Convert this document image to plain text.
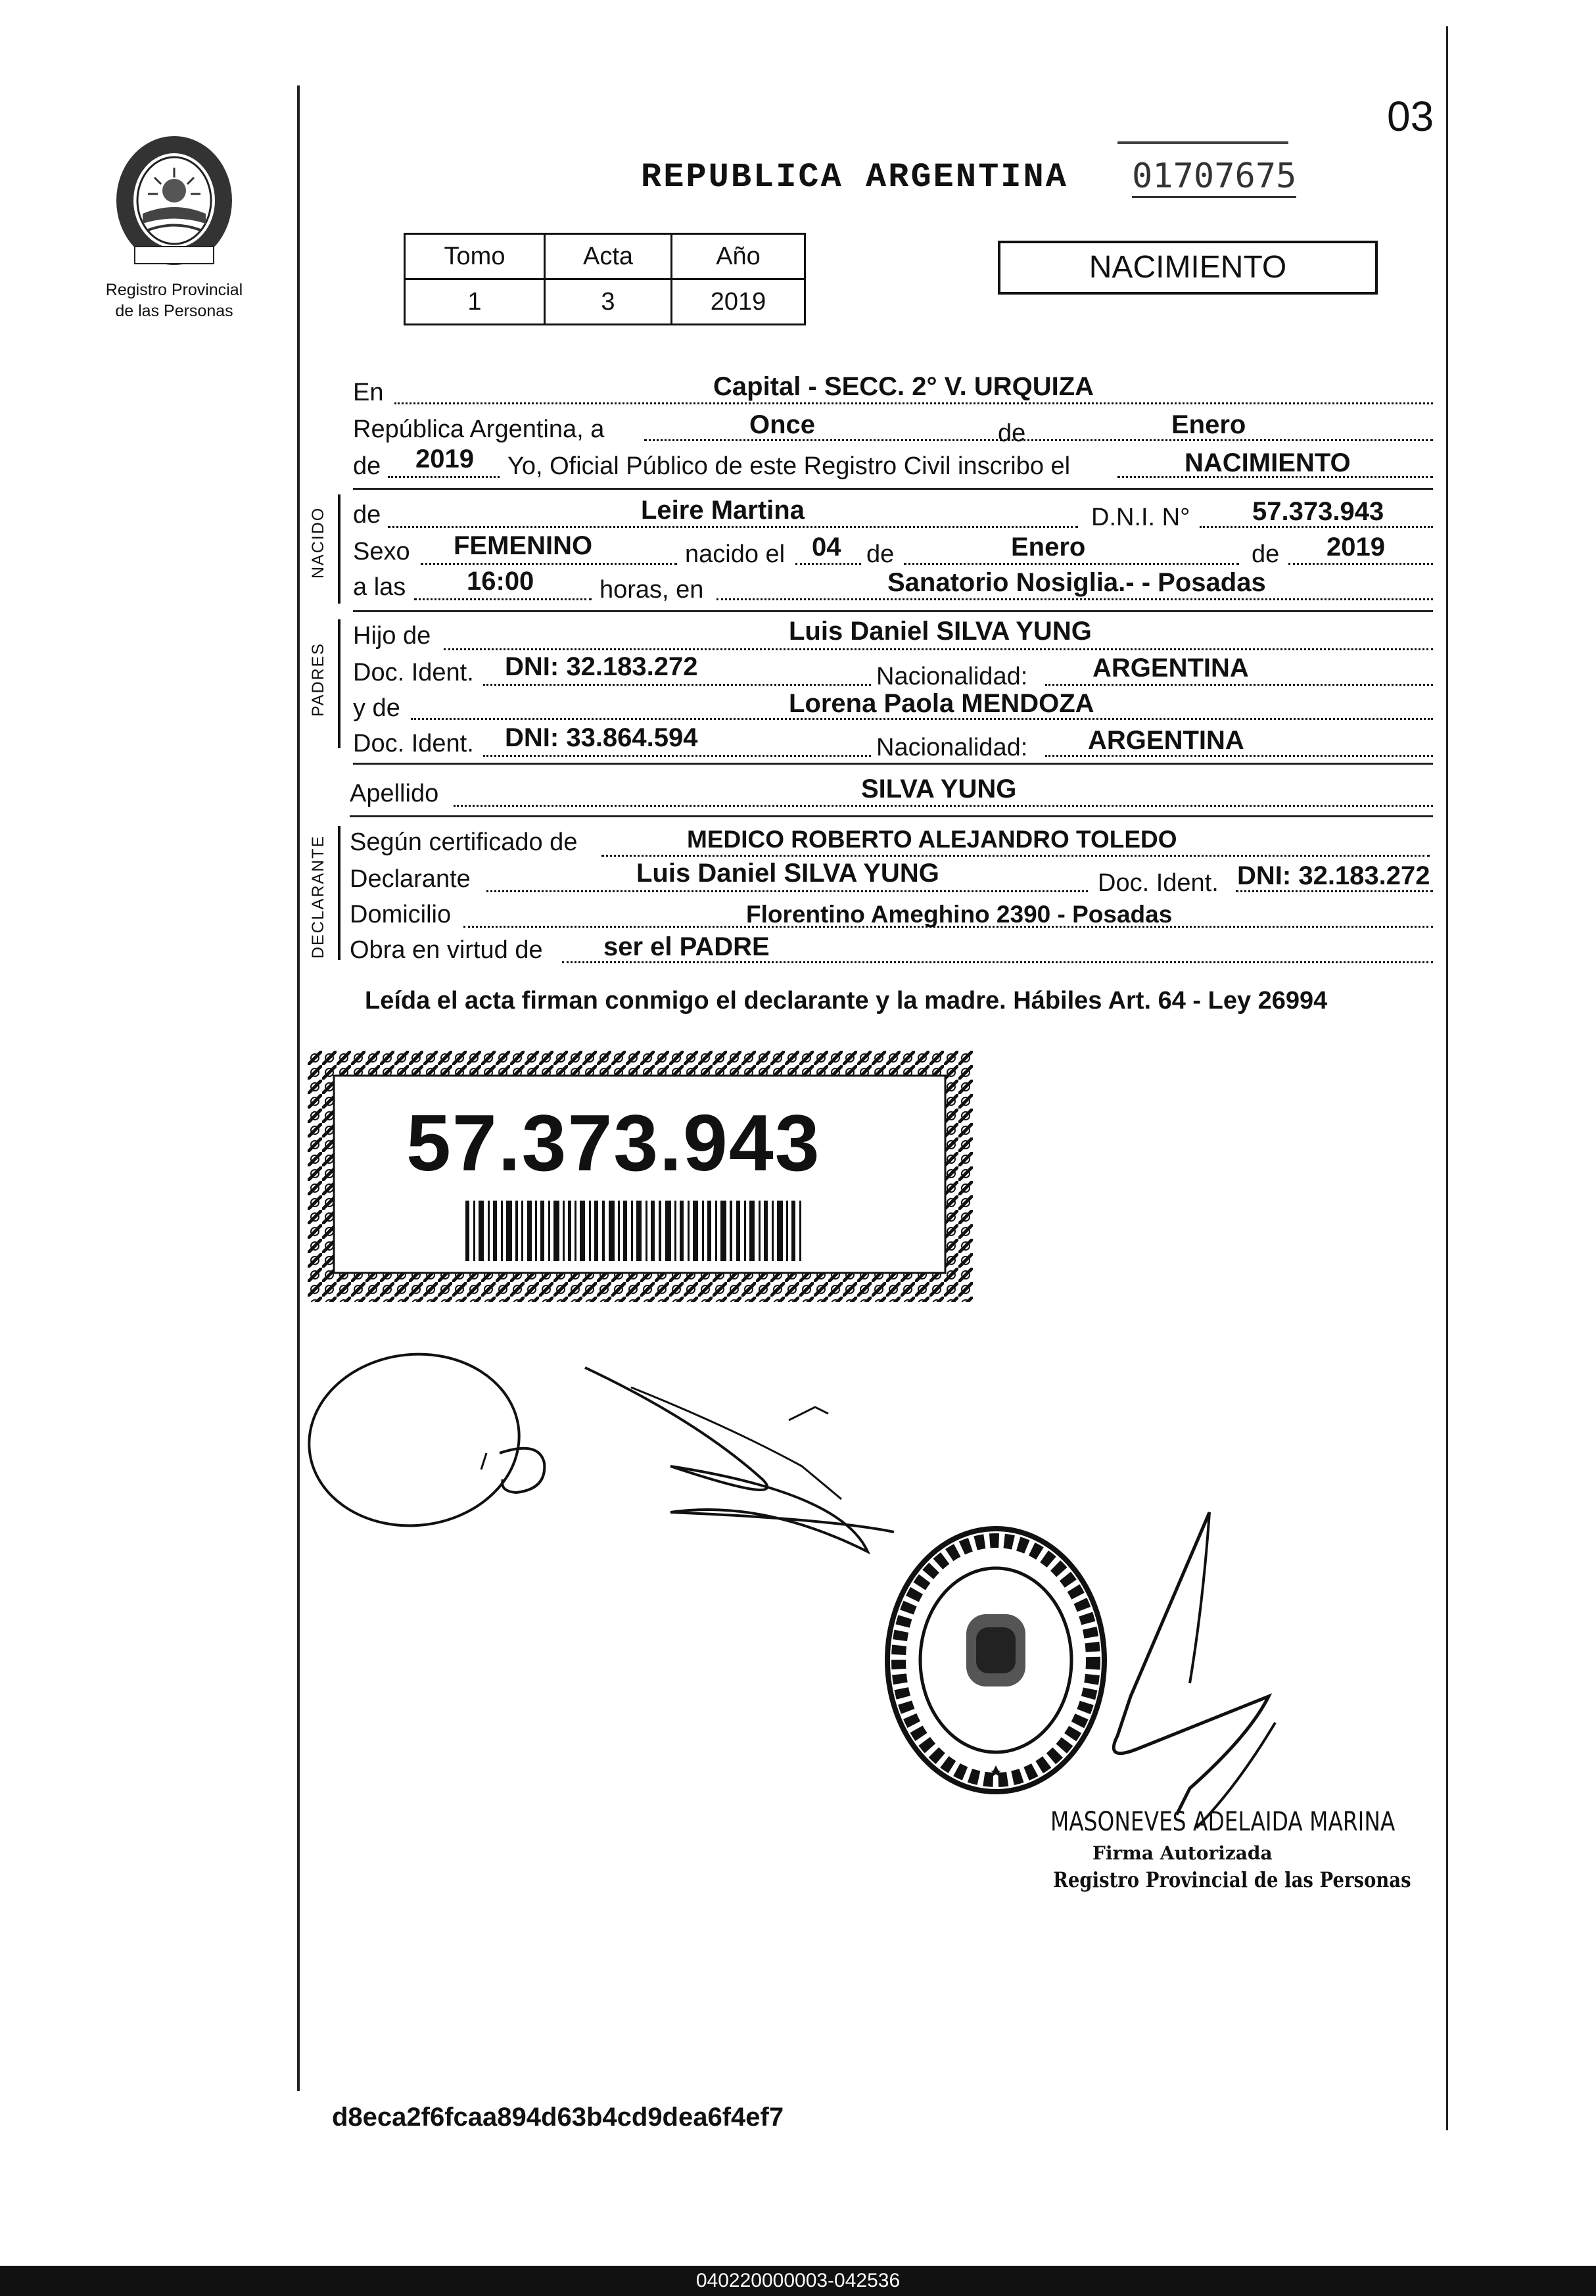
Registro Provincial
de las Personas
03
REPUBLICA ARGENTINA 01707675
Tomo	Acta	Año
1	3	2019
NACIMIENTO
En	Capital - SECC. 2° V. URQUIZA
República Argentina, a	Once	de	Enero
de 2019 Yo, Oficial Público de este Registro Civil inscribo el	NACIMIENTO
NACIDO de	Leire Martina	D.N.I. N° 57.373.943
Sexo FEMENINO	nacido el 04 de	Enero	de 2019
a las 16:00	horas, en	Sanatorio Nosiglia.- - Posadas
PADRES
Hijo de	Luis Daniel SILVA YUNG
Doc. Ident. DNI: 32.183.272	Nacionalidad: ARGENTINA
y de	Lorena Paola MENDOZA
Doc. Ident. DNI: 33.864.594	Nacionalidad: ARGENTINA
Apellido	SILVA YUNG
DECLARANTE Según certificado de	MEDICO ROBERTO ALEJANDRO TOLEDO
Declarante	Luis Daniel SILVA YUNG	Doc. Ident. DNI: 32.183.272
Domicilio	Florentino Ameghino 2390 - Posadas
Obra en virtud de ser el PADRE
Leída el acta firman conmigo el declarante y la madre. Hábiles Art. 64 - Ley 26994
57.373.943
MASONEVES ADELAIDA MARINA
Firma Autorizada
Registro Provincial de las Personas
d8eca2f6fcaa894d63b4cd9dea6f4ef7
040220000003-042536
